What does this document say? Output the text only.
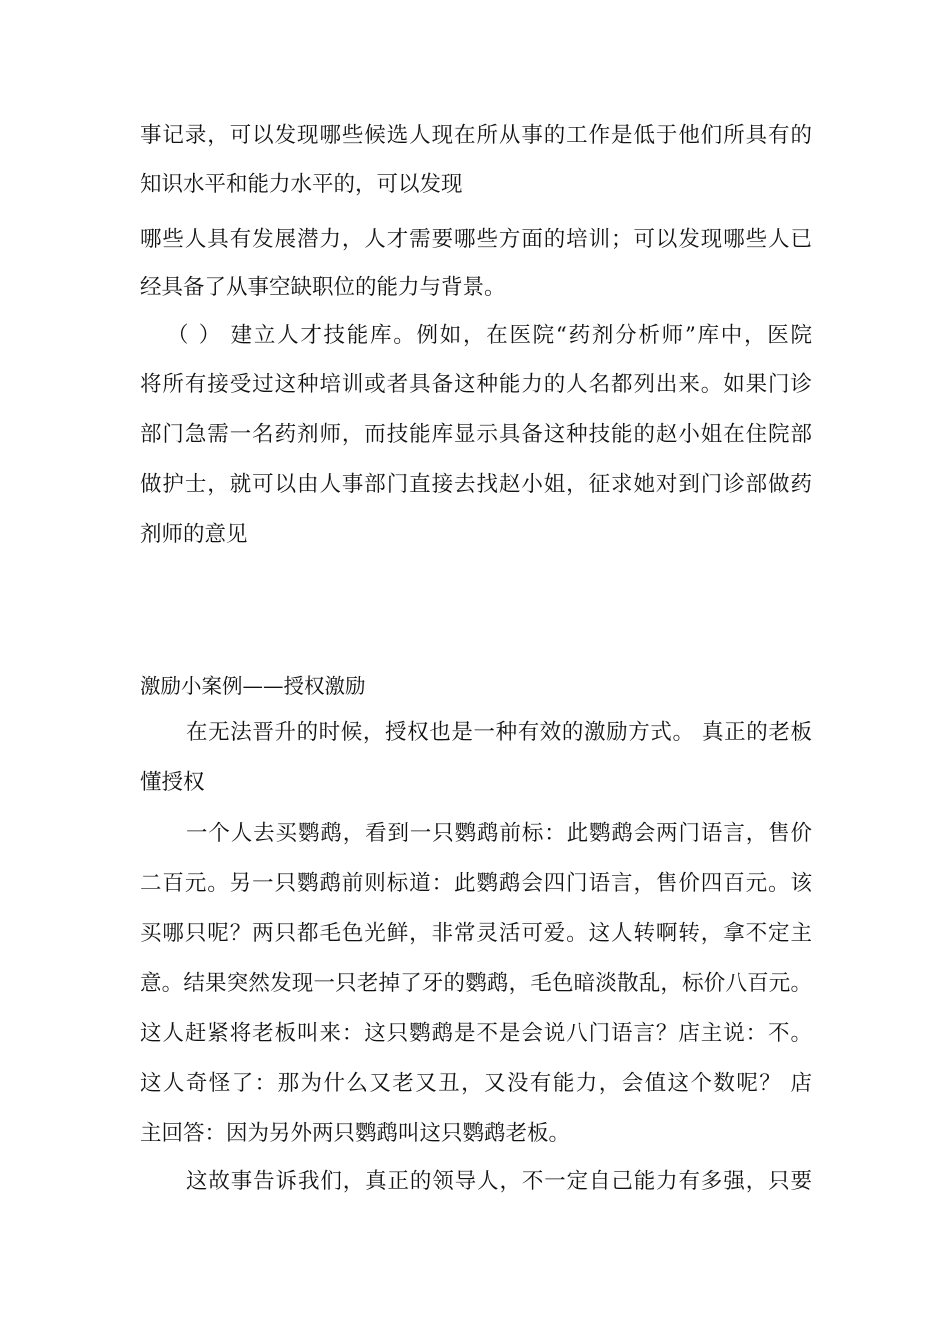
事记录，可以发现哪些候选人现在所从事的工作是低于他们所具有的
知识水平和能力水平的，可以发现
哪些人具有发展潜力，人才需要哪些方面的培训；可以发现哪些人已
经具备了从事空缺职位的能力与背景。
（ ） 建立人才技能库。例如，在医院“药剂分析师”库中，医院
将所有接受过这种培训或者具备这种能力的人名都列出来。如果门诊
部门急需一名药剂师，而技能库显示具备这种技能的赵小姐在住院部
做护士，就可以由人事部门直接去找赵小姐，征求她对到门诊部做药
剂师的意见
激励小案例——授权激励
在无法晋升的时候，授权也是一种有效的激励方式。 真正的老板
懂授权
一个人去买鹦鹉，看到一只鹦鹉前标：此鹦鹉会两门语言，售价
二百元。另一只鹦鹉前则标道：此鹦鹉会四门语言，售价四百元。该
买哪只呢？两只都毛色光鲜，非常灵活可爱。这人转啊转，拿不定主
意。结果突然发现一只老掉了牙的鹦鹉，毛色暗淡散乱，标价八百元。
这人赶紧将老板叫来：这只鹦鹉是不是会说八门语言？店主说：不。
这人奇怪了：那为什么又老又丑，又没有能力，会值这个数呢？ 店
主回答：因为另外两只鹦鹉叫这只鹦鹉老板。
这故事告诉我们，真正的领导人，不一定自己能力有多强，只要
